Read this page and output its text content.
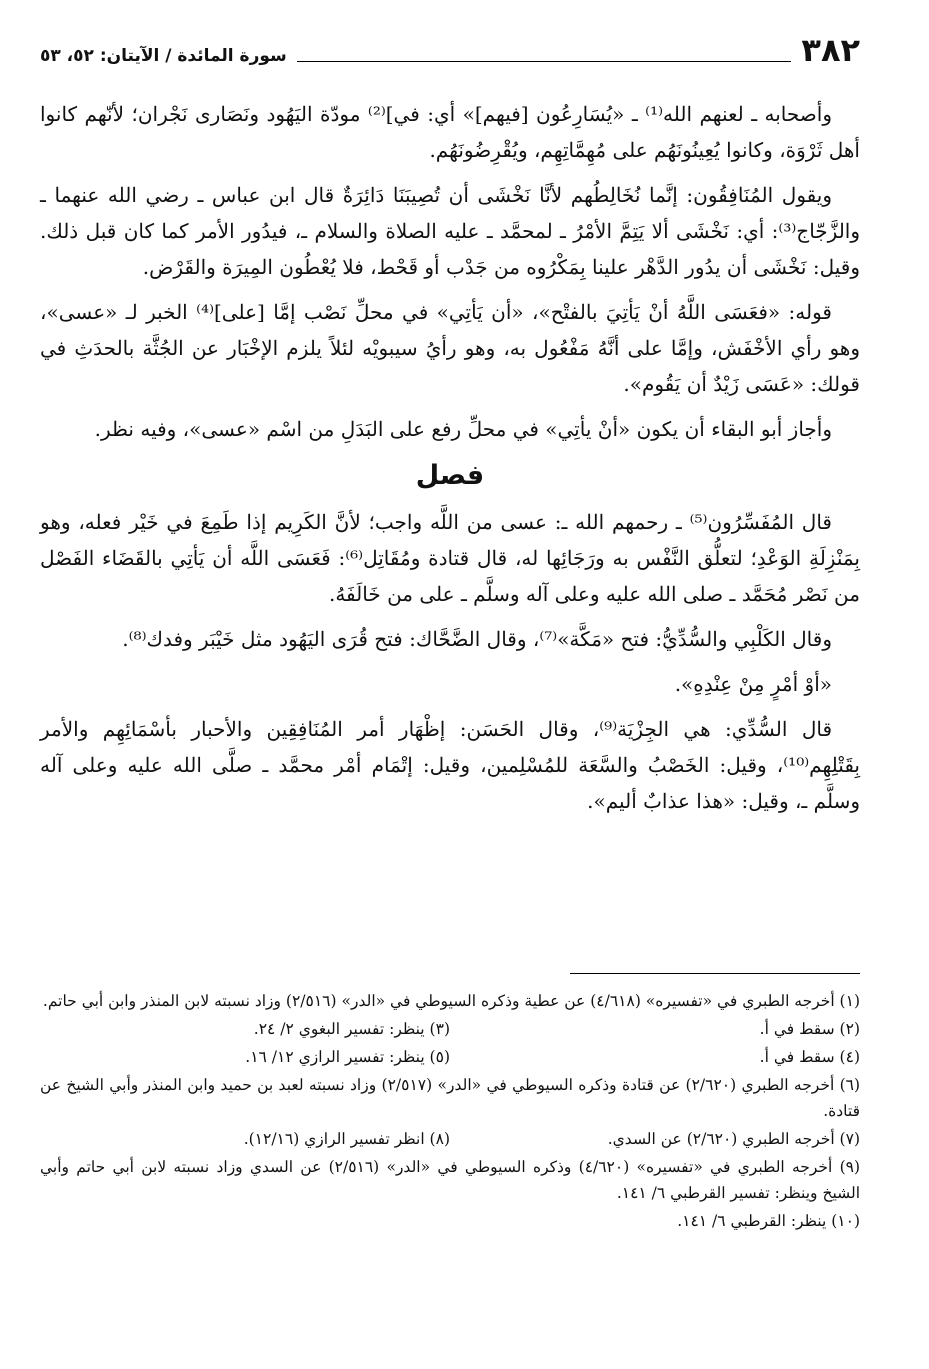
٣٨٢
سورة المائدة / الآيتان: ٥٢، ٥٣

وأصحابه ـ لعنهم الله⁽¹⁾ ـ «يُسَارِعُون [فيهم]» أي: في]⁽²⁾ مودّة اليَهُود ونَصَارى نَجْران؛ لأنّهم كانوا أهل ثَرْوَة، وكانوا يُعِينُونَهُم على مُهِمَّاتِهِم، ويُقْرِضُونَهُم.

ويقول المُنَافِقُون: إنَّما نُخَالِطُهم لأنَّا نَخْشَى أن تُصِيبَنَا دَائِرَةٌ قال ابن عباس ـ رضي الله عنهما ـ والزَّجّاج⁽³⁾: أي: نَخْشَى ألا يَتِمَّ الأمْرُ ـ لمحمَّد ـ عليه الصلاة والسلام ـ، فيدُور الأمر كما كان قبل ذلك. وقيل: نَخْشَى أن يدُور الدَّهْر علينا بِمَكْرُوه من جَدْب أو قَحْط، فلا يُعْطُون المِيرَة والقَرْض.

قوله: «فعَسَى اللَّهُ أنْ يَأتِيَ بالفتْح»، «أن يَأتِي» في محلِّ نَصْب إمَّا [على]⁽⁴⁾ الخبر لـ «عسى»، وهو رأي الأخْفَش، وإمَّا على أنَّهُ مَفْعُول به، وهو رأيُ سيبويْه لئلاً يلزم الإخْبَار عن الجُثَّة بالحدَثِ في قولك: «عَسَى زَيْدٌ أن يَقُوم».

وأجاز أبو البقاء أن يكون «أنْ يأتِي» في محلِّ رفع على البَدَلِ من اسْم «عسى»، وفيه نظر.

فصل

قال المُفَسِّرُون⁽⁵⁾ ـ رحمهم الله ـ: عسى من اللَّه واجب؛ لأنَّ الكَرِيم إذا طَمِعَ في خَيْر فعله، وهو بِمَنْزِلَةِ الوَعْدِ؛ لتعلُّق النَّفْس به ورَجَائِها له، قال قتادة ومُقَاتِل⁽⁶⁾: فَعَسَى اللَّه أن يَأتِي بالقَضَاء الفَصْل من نَصْر مُحَمَّد ـ صلى الله عليه وعلى آله وسلَّم ـ على من خَالَفَهُ.

وقال الكَلْبِي والسُّدِّيُّ: فتح «مَكَّة»⁽⁷⁾، وقال الضَّحَّاك: فتح قُرَى اليَهُود مثل خَيْبَر وفدك⁽⁸⁾.

«أوْ أمْرٍ مِنْ عِنْدِهِ».

قال السُّدِّي: هي الجِزْيَة⁽⁹⁾، وقال الحَسَن: إظْهَار أمر المُنَافِقِين والأحبار بأسْمَائِهِم والأمر بِقَتْلِهِم⁽¹⁰⁾، وقيل: الخَصْبُ والسَّعَة للمُسْلِمين، وقيل: إتْمَام أمْر محمَّد ـ صلَّى الله عليه وعلى آله وسلَّم ـ، وقيل: «هذا عذابٌ أليم».

(١) أخرجه الطبري في «تفسيره» (٤/٦١٨) عن عطية وذكره السيوطي في «الدر» (٢/٥١٦) وزاد نسبته لابن المنذر وابن أبي حاتم.
(٢) سقط في أ.
(٣) ينظر: تفسير البغوي ٢/ ٢٤.
(٤) سقط في أ.
(٥) ينظر: تفسير الرازي ١٢/ ١٦.
(٦) أخرجه الطبري (٢/٦٢٠) عن قتادة وذكره السيوطي في «الدر» (٢/٥١٧) وزاد نسبته لعبد بن حميد وابن المنذر وأبي الشيخ عن قتادة.
(٧) أخرجه الطبري (٢/٦٢٠) عن السدي.
(٨) انظر تفسير الرازي (١٢/١٦).
(٩) أخرجه الطبري في «تفسيره» (٤/٦٢٠) وذكره السيوطي في «الدر» (٢/٥١٦) عن السدي وزاد نسبته لابن أبي حاتم وأبي الشيخ وينظر: تفسير القرطبي ٦/ ١٤١.
(١٠) ينظر: القرطبي ٦/ ١٤١.
